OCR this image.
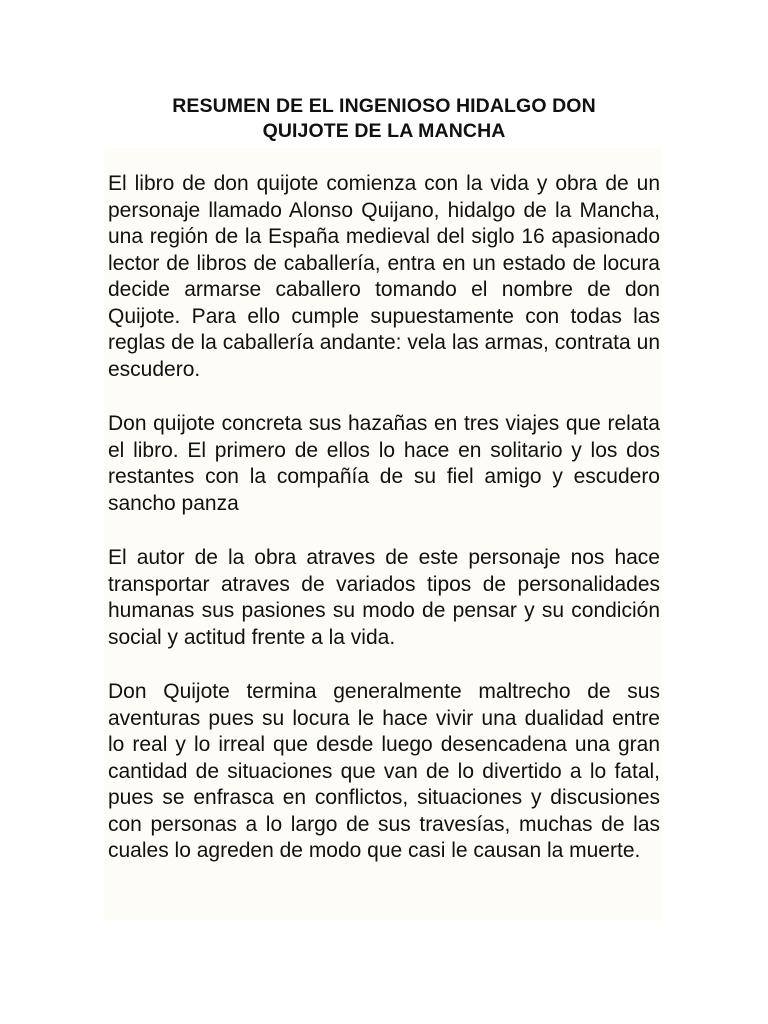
RESUMEN DE EL INGENIOSO HIDALGO DON
QUIJOTE DE LA MANCHA

El libro de don quijote comienza con la vida y obra de un personaje llamado Alonso Quijano, hidalgo de la Mancha, una región de la España medieval del siglo 16 apasionado lector de libros de caballería, entra en un estado de locura decide armarse caballero tomando el nombre de don Quijote. Para ello cumple supuestamente con todas las reglas de la caballería andante: vela las armas, contrata un escudero.

Don quijote concreta sus hazañas en tres viajes que relata el libro. El primero de ellos lo hace en solitario y los dos restantes con la compañía de su fiel amigo y escudero sancho panza

El autor de la obra atraves de este personaje nos hace transportar atraves de variados tipos de personalidades humanas sus pasiones su modo de pensar y su condición social y actitud frente a la vida.

Don Quijote termina generalmente maltrecho de sus aventuras pues su locura le hace vivir una dualidad entre lo real y lo irreal que desde luego desencadena una gran cantidad de situaciones que van de lo divertido a lo fatal, pues se enfrasca en conflictos, situaciones y discusiones con personas a lo largo de sus travesías, muchas de las cuales lo agreden de modo que casi le causan la muerte.
